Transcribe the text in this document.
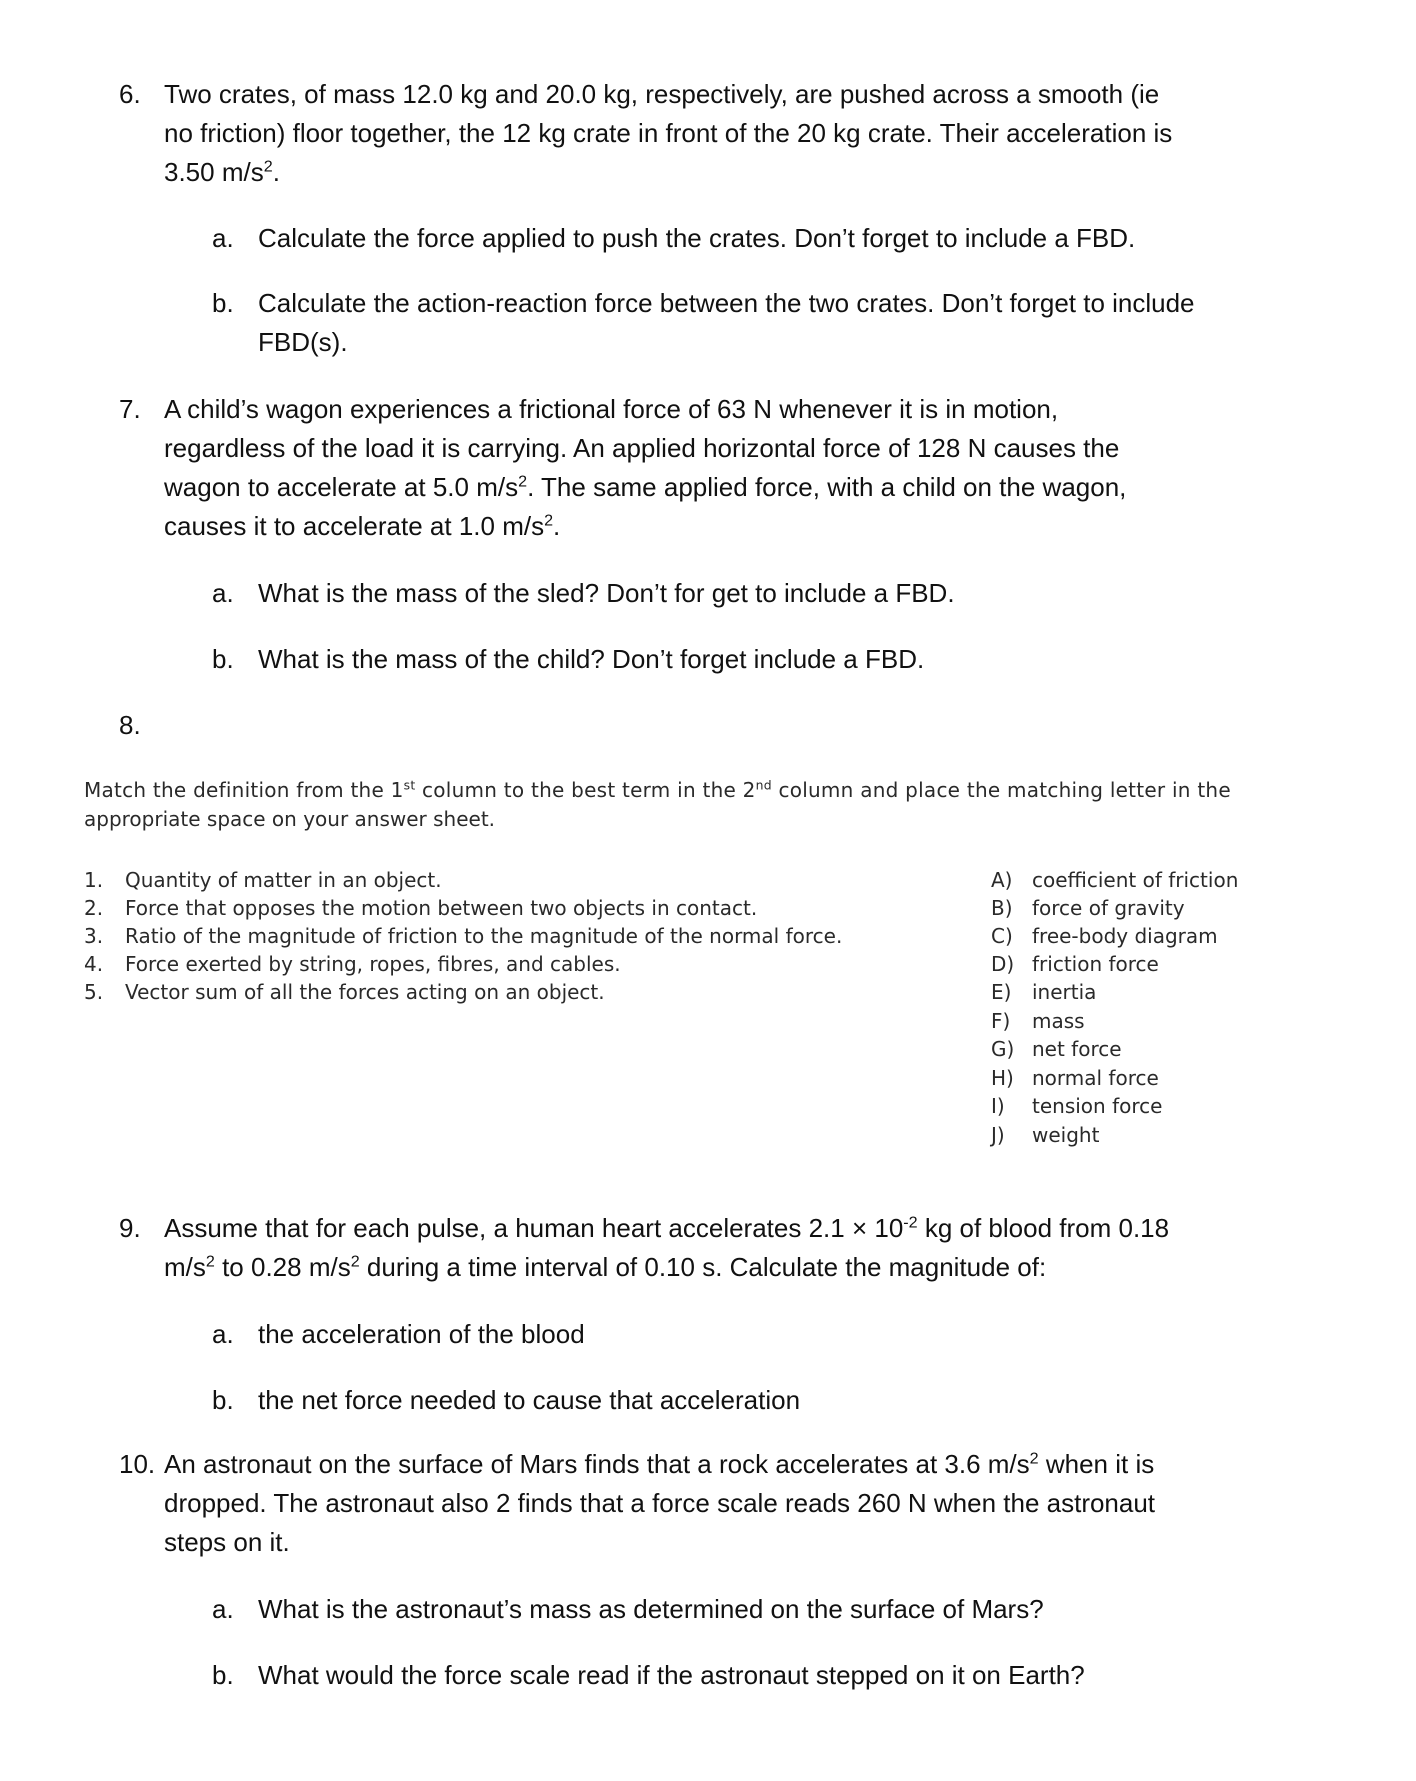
6. Two crates, of mass 12.0 kg and 20.0 kg, respectively, are pushed across a smooth (ie
no friction) floor together, the 12 kg crate in front of the 20 kg crate. Their acceleration is
3.50 $m/s^2$.
a. Calculate the force applied to push the crates. Don’t forget to include a FBD.
b. Calculate the action-reaction force between the two crates. Don’t forget to include
FBD(s).
7. A child’s wagon experiences a frictional force of 63 N whenever it is in motion,
regardless of the load it is carrying. An applied horizontal force of 128 N causes the
wagon to accelerate at 5.0 $m/s^2$. The same applied force, with a child on the wagon,
causes it to accelerate at 1.0 $m/s^2$.
a. What is the mass of the sled? Don’t for get to include a FBD.
b. What is the mass of the child? Don’t forget include a FBD.
8.
Match the definition from the 1st column to the best term in the 2nd column and place the matching letter in the
appropriate space on your answer sheet.
1. Quantity of matter in an object.
2. Force that opposes the motion between two objects in contact.
3. Ratio of the magnitude of friction to the magnitude of the normal force.
4. Force exerted by string, ropes, fibres, and cables.
5. Vector sum of all the forces acting on an object.
A) coefficient of friction
B) force of gravity
C) free-body diagram
D) friction force
E) inertia
F) mass
G) net force
H) normal force
I) tension force
J) weight
9. Assume that for each pulse, a human heart accelerates $2.1 \times 10^{-2}$ kg of blood from 0.18
$m/s^2$ to 0.28 $m/s^2$ during a time interval of 0.10 s. Calculate the magnitude of:
a. the acceleration of the blood
b. the net force needed to cause that acceleration
10. An astronaut on the surface of Mars finds that a rock accelerates at 3.6 $m/s^2$ when it is
dropped. The astronaut also 2 finds that a force scale reads 260 N when the astronaut
steps on it.
a. What is the astronaut’s mass as determined on the surface of Mars?
b. What would the force scale read if the astronaut stepped on it on Earth?
